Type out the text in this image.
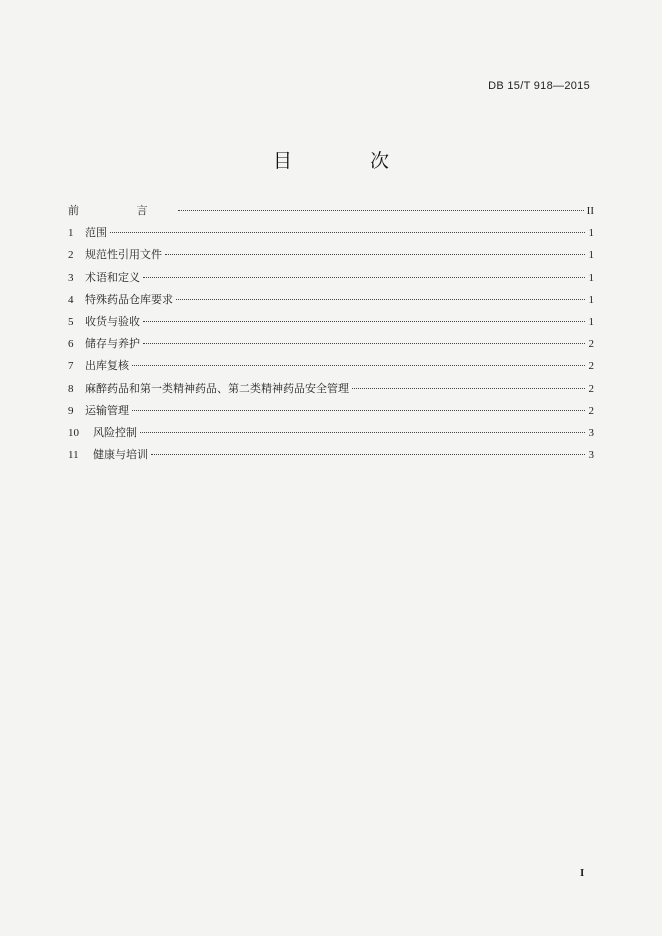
DB 15/T 918—2015
目 次
前 言	II
1	范围	1
2	规范性引用文件	1
3	术语和定义	1
4	特殊药品仓库要求	1
5	收货与验收	1
6	储存与养护	2
7	出库复核	2
8	麻醉药品和第一类精神药品、第二类精神药品安全管理	2
9	运输管理	2
10	风险控制	3
11	健康与培训	3
I
